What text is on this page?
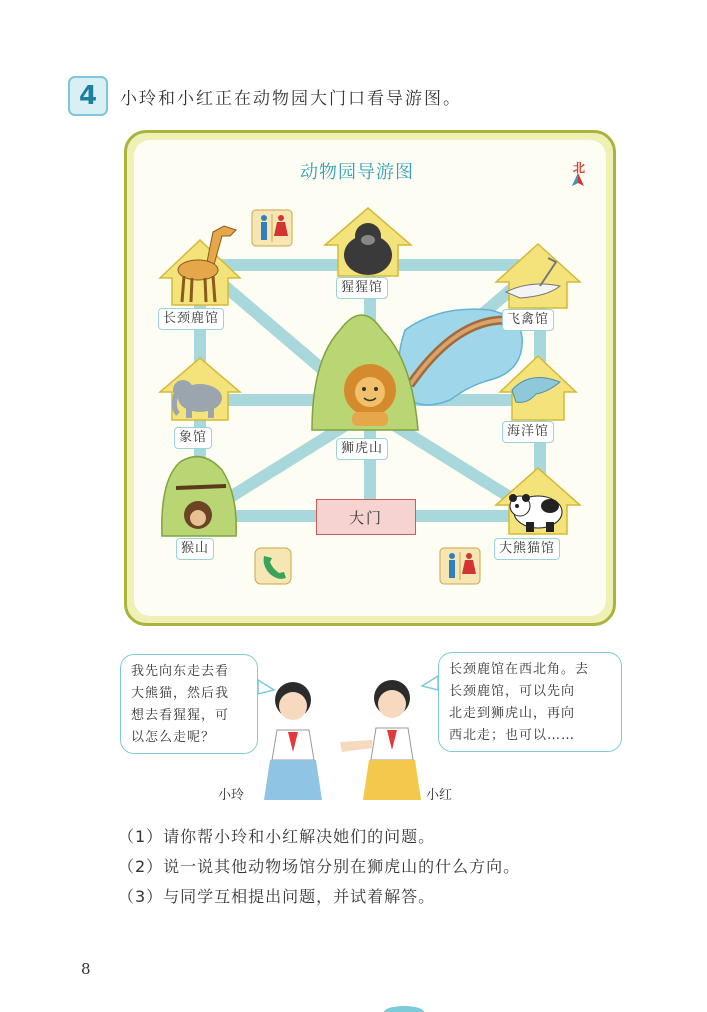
4	小玲和小红正在动物园大门口看导游图。
动物园导游图	北
长颈鹿馆
猩猩馆
飞禽馆
象馆
狮虎山
海洋馆
猴山	大熊猫馆
大门
我先向东走去看
大熊猫，然后我
想去看猩猩，可
以怎么走呢？
长颈鹿馆在西北角。去
长颈鹿馆，可以先向
北走到狮虎山，再向
西北走；也可以……
小玲	小红
（1）请你帮小玲和小红解决她们的问题。
（2）说一说其他动物场馆分别在狮虎山的什么方向。
（3）与同学互相提出问题，并试着解答。
8
